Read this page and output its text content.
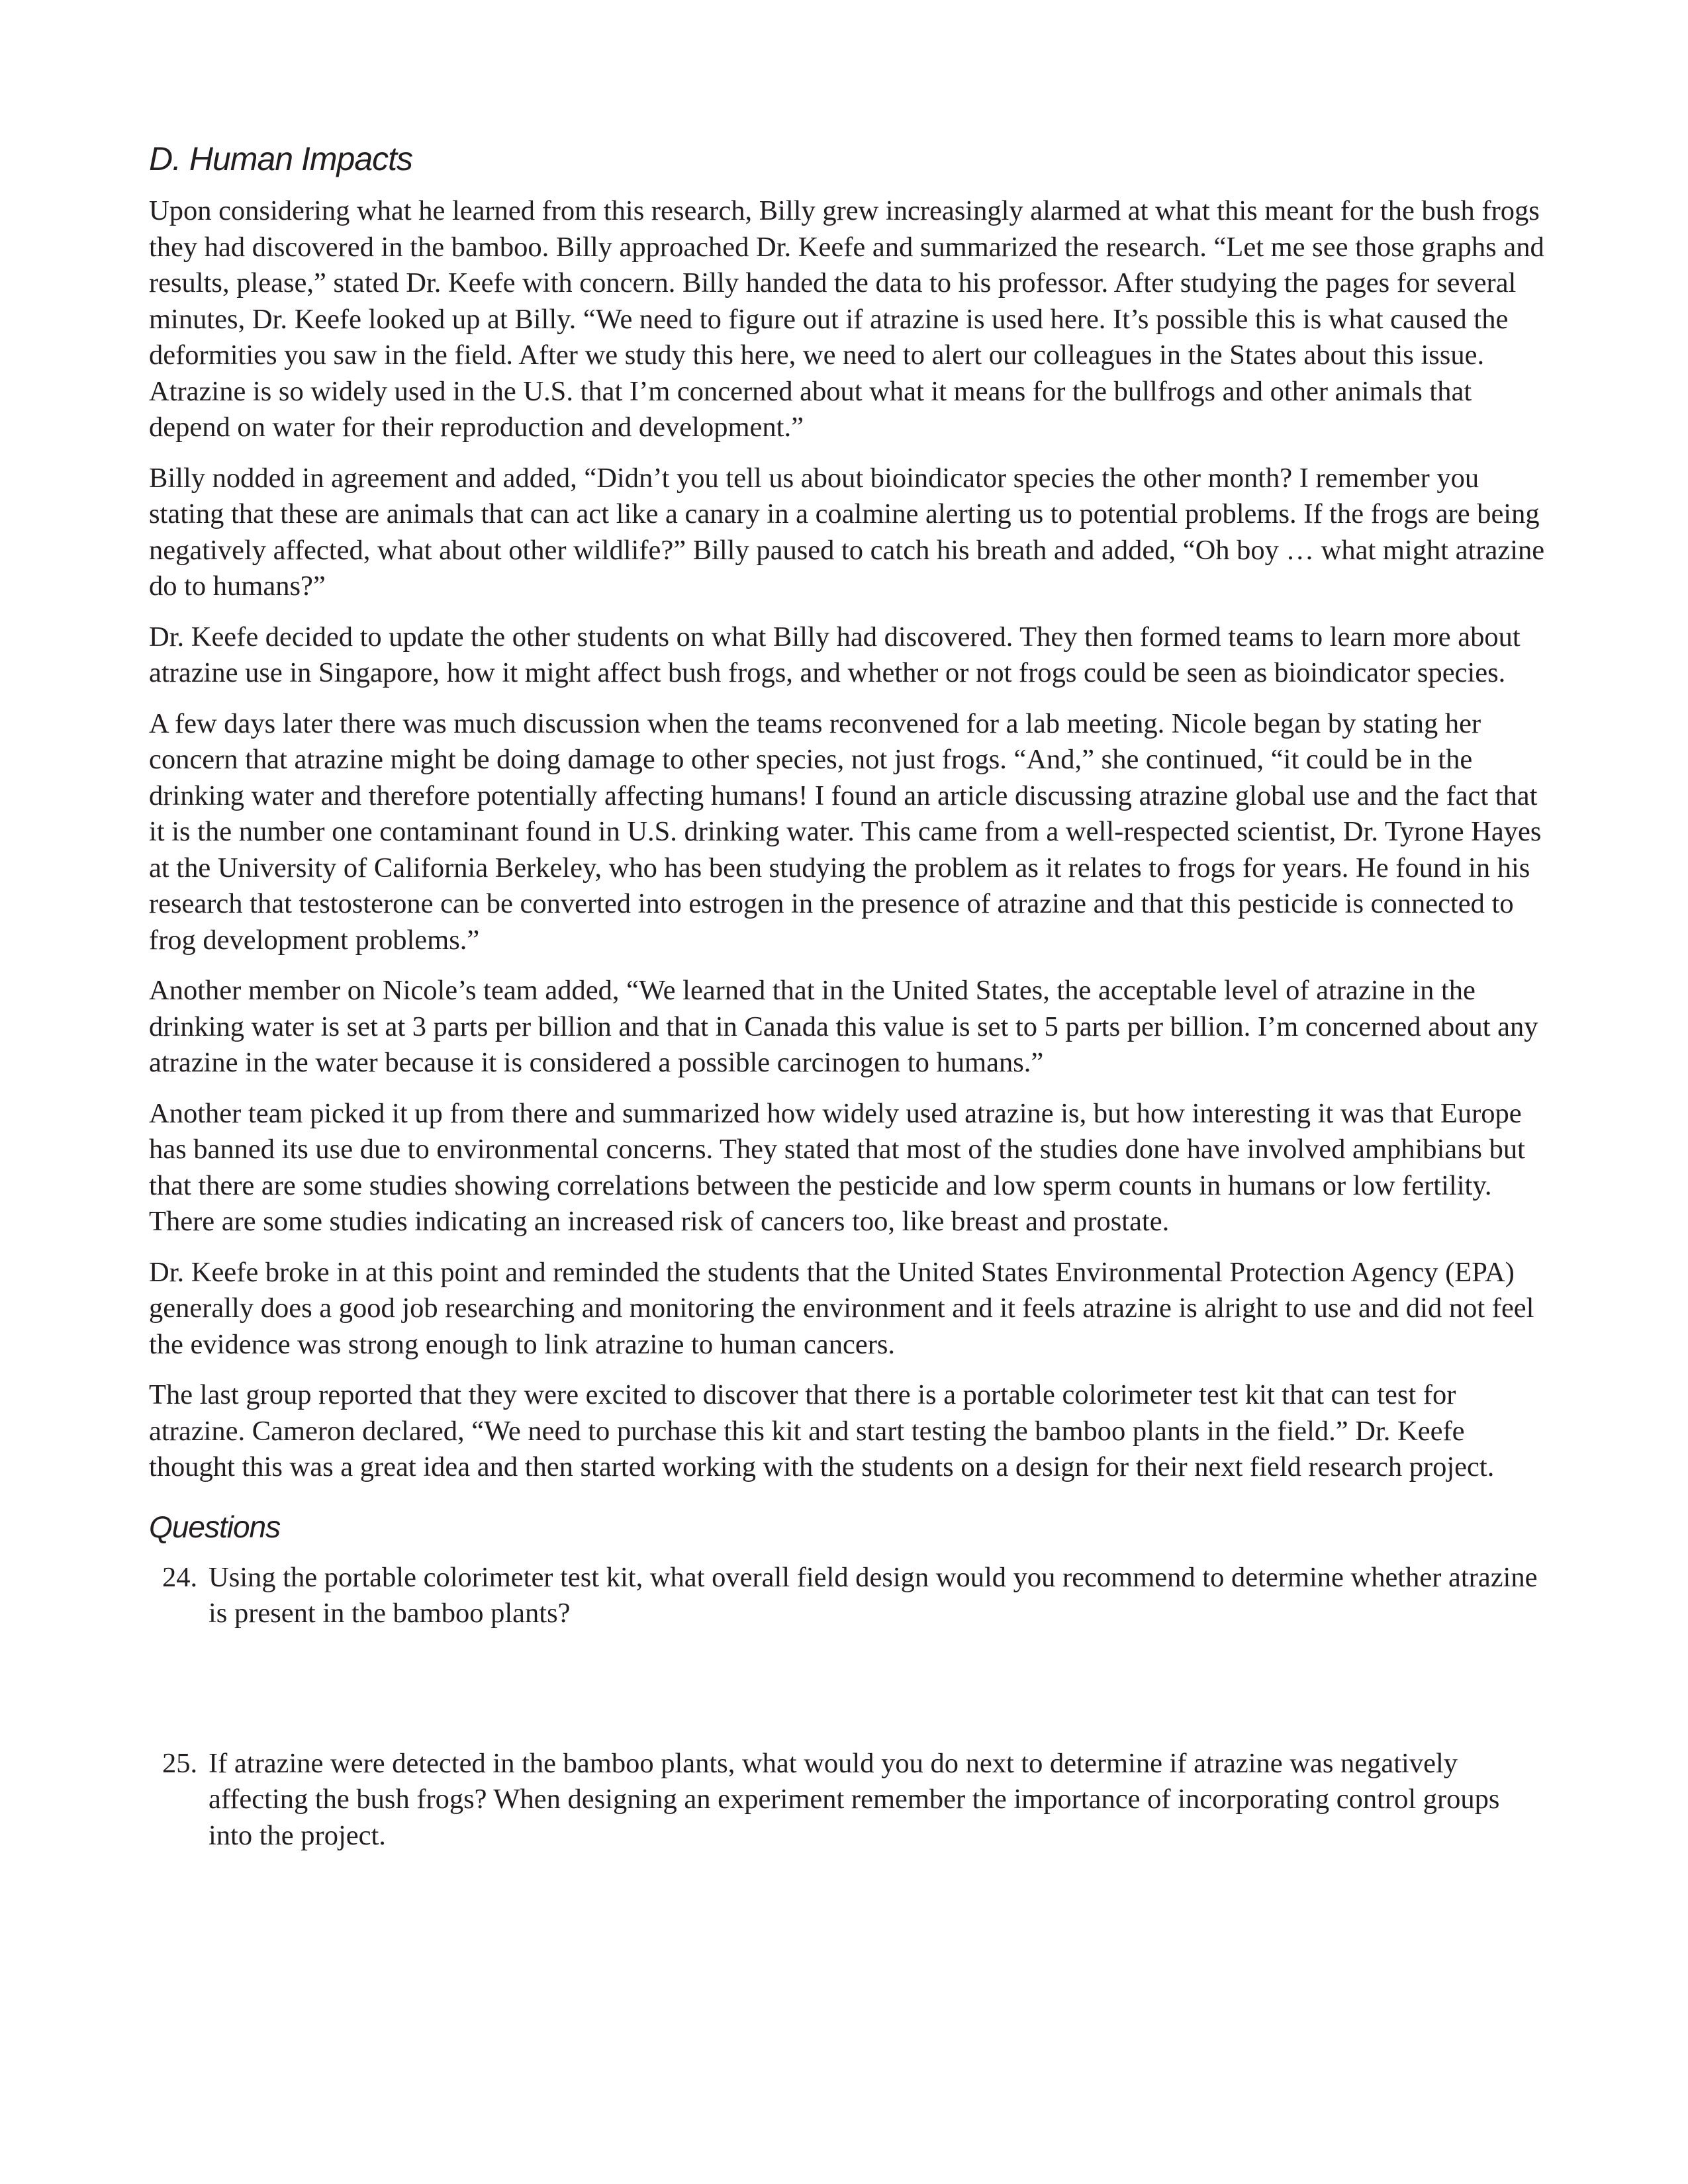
D. Human Impacts

Upon considering what he learned from this research, Billy grew increasingly alarmed at what this meant for the bush frogs they had discovered in the bamboo. Billy approached Dr. Keefe and summarized the research. “Let me see those graphs and results, please,” stated Dr. Keefe with concern. Billy handed the data to his professor. After studying the pages for several minutes, Dr. Keefe looked up at Billy. “We need to figure out if atrazine is used here. It’s possible this is what caused the deformities you saw in the field. After we study this here, we need to alert our colleagues in the States about this issue. Atrazine is so widely used in the U.S. that I’m concerned about what it means for the bullfrogs and other animals that depend on water for their reproduction and development.”

Billy nodded in agreement and added, “Didn’t you tell us about bioindicator species the other month? I remember you stating that these are animals that can act like a canary in a coalmine alerting us to potential problems. If the frogs are being negatively affected, what about other wildlife?” Billy paused to catch his breath and added, “Oh boy … what might atrazine do to humans?”

Dr. Keefe decided to update the other students on what Billy had discovered. They then formed teams to learn more about atrazine use in Singapore, how it might affect bush frogs, and whether or not frogs could be seen as bioindicator species.

A few days later there was much discussion when the teams reconvened for a lab meeting. Nicole began by stating her concern that atrazine might be doing damage to other species, not just frogs. “And,” she continued, “it could be in the drinking water and therefore potentially affecting humans! I found an article discussing atrazine global use and the fact that it is the number one contaminant found in U.S. drinking water. This came from a well-respected scientist, Dr. Tyrone Hayes at the University of California Berkeley, who has been studying the problem as it relates to frogs for years. He found in his research that testosterone can be converted into estrogen in the presence of atrazine and that this pesticide is connected to frog development problems.”

Another member on Nicole’s team added, “We learned that in the United States, the acceptable level of atrazine in the drinking water is set at 3 parts per billion and that in Canada this value is set to 5 parts per billion. I’m concerned about any atrazine in the water because it is considered a possible carcinogen to humans.”

Another team picked it up from there and summarized how widely used atrazine is, but how interesting it was that Europe has banned its use due to environmental concerns. They stated that most of the studies done have involved amphibians but that there are some studies showing correlations between the pesticide and low sperm counts in humans or low fertility. There are some studies indicating an increased risk of cancers too, like breast and prostate.

Dr. Keefe broke in at this point and reminded the students that the United States Environmental Protection Agency (EPA) generally does a good job researching and monitoring the environment and it feels atrazine is alright to use and did not feel the evidence was strong enough to link atrazine to human cancers.

The last group reported that they were excited to discover that there is a portable colorimeter test kit that can test for atrazine. Cameron declared, “We need to purchase this kit and start testing the bamboo plants in the field.” Dr. Keefe thought this was a great idea and then started working with the students on a design for their next field research project.

Questions
24. Using the portable colorimeter test kit, what overall field design would you recommend to determine whether atrazine is present in the bamboo plants?
25. If atrazine were detected in the bamboo plants, what would you do next to determine if atrazine was negatively affecting the bush frogs? When designing an experiment remember the importance of incorporating control groups into the project.
